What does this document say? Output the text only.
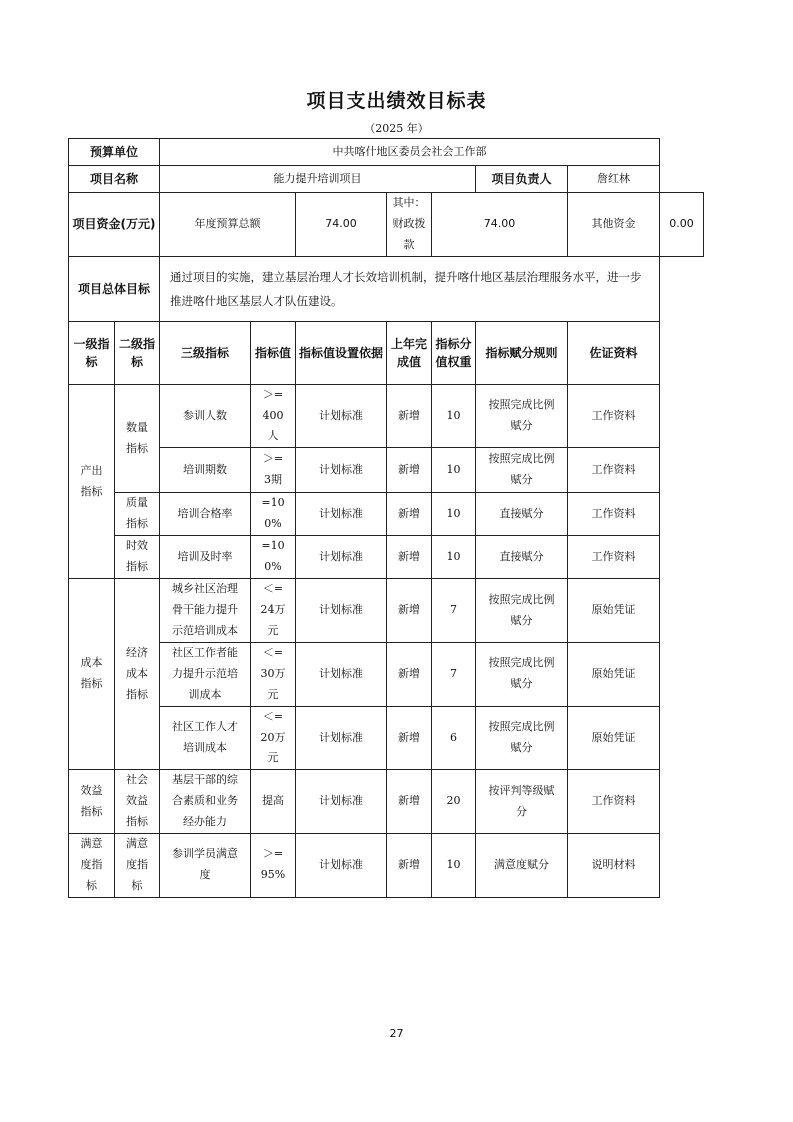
项目支出绩效目标表
（2025 年）
预算单位		中共喀什地区委员会社会工作部							
项目名称		能力提升培训项目					项目负责人	詹红林	
项目资金(万元)		年度预算总额		74.00	其中：财政拨款	74.00		其他资金	0.00
项目总体目标		通过项目的实施，建立基层治理人才长效培训机制，提升喀什地区基层治理服务水平，进一步推进喀什地区基层人才队伍建设。							
一级指标	二级指标	三级指标	指标值	指标值设置依据	上年完成值	指标分值权重	指标赋分规则	佐证资料	
产出指标	数量指标	参训人数	＞=400人	计划标准	新增	10	按照完成比例赋分	工作资料	
		培训期数	＞=3期	计划标准	新增	10	按照完成比例赋分	工作资料	
	质量指标	培训合格率	=100%	计划标准	新增	10	直接赋分	工作资料	
	时效指标	培训及时率	=100%	计划标准	新增	10	直接赋分	工作资料	
成本指标	经济成本指标	城乡社区治理骨干能力提升示范培训成本	＜=24万元	计划标准	新增	7	按照完成比例赋分	原始凭证	
		社区工作者能力提升示范培训成本	＜=30万元	计划标准	新增	7	按照完成比例赋分	原始凭证	
		社区工作人才培训成本	＜=20万元	计划标准	新增	6	按照完成比例赋分	原始凭证	
效益指标	社会效益指标	基层干部的综合素质和业务经办能力	提高	计划标准	新增	20	按评判等级赋分	工作资料	
满意度指标	满意度指标	参训学员满意度	＞=95%	计划标准	新增	10	满意度赋分	说明材料	
27
